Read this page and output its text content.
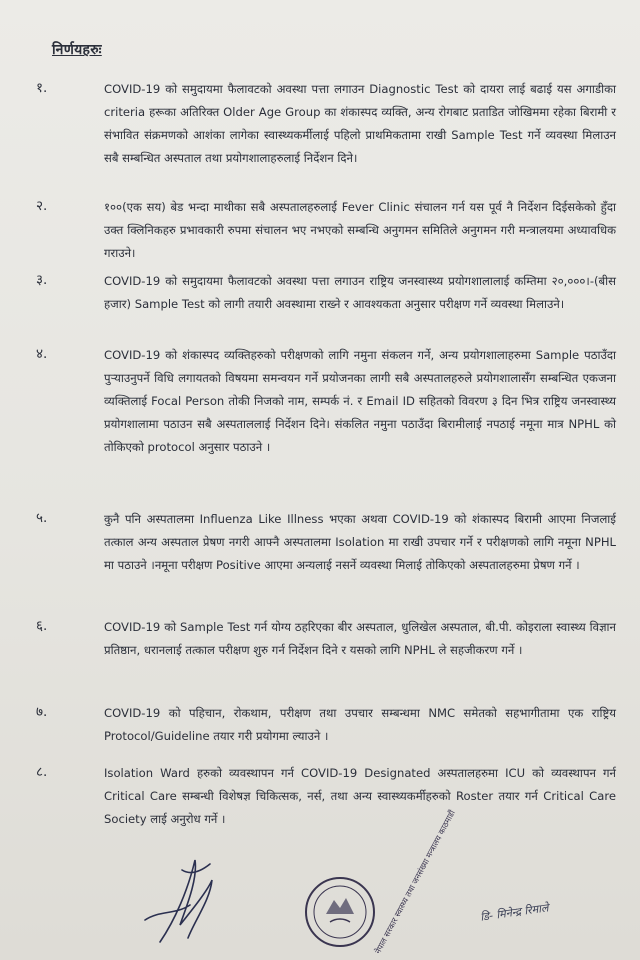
निर्णयहरुः
१.	COVID-19 को समुदायमा फैलावटको अवस्था पत्ता लगाउन Diagnostic Test को दायरा लाई बढाई यस अगाडीका criteria हरूका अतिरिक्त Older Age Group का शंकास्पद व्यक्ति, अन्य रोगबाट प्रताडित जोखिममा रहेका बिरामी र संभावित संक्रमणको आशंका लागेका स्वास्थ्यकर्मीलाई पहिलो प्राथमिकतामा राखी Sample Test गर्ने व्यवस्था मिलाउन सबै सम्बन्धित अस्पताल तथा प्रयोगशालाहरुलाई निर्देशन दिने।
२.	१००(एक सय) बेड भन्दा माथीका सबै अस्पतालहरुलाई Fever Clinic संचालन गर्न यस पूर्व नै निर्देशन दिईसकेको हुँदा उक्त क्लिनिकहरु प्रभावकारी रुपमा संचालन भए नभएको सम्बन्धि अनुगमन समितिले अनुगमन गरी मन्त्रालयमा अध्यावधिक गराउने।
३.	COVID-19 को समुदायमा फैलावटको अवस्था पत्ता लगाउन राष्ट्रिय जनस्वास्थ्य प्रयोगशालालाई कम्तिमा २०,०००।-(बीस हजार) Sample Test को लागी तयारी अवस्थामा राख्ने र आवश्यकता अनुसार परीक्षण गर्ने व्यवस्था मिलाउने।
४.	COVID-19 को शंकास्पद व्यक्तिहरुको परीक्षणको लागि नमुना संकलन गर्ने, अन्य प्रयोगशालाहरुमा Sample पठाउँदा पुऱ्याउनुपर्ने विधि लगायतको विषयमा समन्वयन गर्ने प्रयोजनका लागी सबै अस्पतालहरुले प्रयोगशालासँग सम्बन्धित एकजना व्यक्तिलाई Focal Person तोकी निजको नाम, सम्पर्क नं. र Email ID सहितको विवरण ३ दिन भित्र राष्ट्रिय जनस्वास्थ्य प्रयोगशालामा पठाउन सबै अस्पताललाई निर्देशन दिने। संकलित नमुना पठाउँदा बिरामीलाई नपठाई नमूना मात्र NPHL को तोकिएको protocol अनुसार पठाउने ।
५.	कुनै पनि अस्पतालमा Influenza Like Illness भएका अथवा COVID-19 को शंकास्पद बिरामी आएमा निजलाई तत्काल अन्य अस्पताल प्रेषण नगरी आफ्नै अस्पतालमा Isolation मा राखी उपचार गर्ने र परीक्षणको लागि नमूना NPHL मा पठाउने ।नमूना परीक्षण Positive आएमा अन्यलाई नसर्ने व्यवस्था मिलाई तोकिएको अस्पतालहरुमा प्रेषण गर्ने ।
६.	COVID-19 को Sample Test गर्न योग्य ठहरिएका बीर अस्पताल, धुलिखेल अस्पताल, बी.पी. कोइराला स्वास्थ्य विज्ञान प्रतिष्ठान, धरानलाई तत्काल परीक्षण शुरु गर्न निर्देशन दिने र यसको लागि NPHL ले सहजीकरण गर्ने ।
७.	COVID-19 को पहिचान, रोकथाम, परीक्षण तथा उपचार सम्बन्धमा NMC समेतको सहभागीतामा एक राष्ट्रिय Protocol/Guideline तयार गरी प्रयोगमा ल्याउने ।
८.	Isolation Ward हरुको व्यवस्थापन गर्न COVID-19 Designated अस्पतालहरुमा ICU को व्यवस्थापन गर्न Critical Care सम्बन्धी विशेषज्ञ चिकित्सक, नर्स, तथा अन्य स्वास्थ्यकर्मीहरुको Roster तयार गर्न Critical Care Society लाई अनुरोध गर्ने ।	नेपाल सरकार स्वास्थ्य तथा जनसंख्या मन्त्रालय काठमाडौं डि- मिनेन्द्र रिमाले
